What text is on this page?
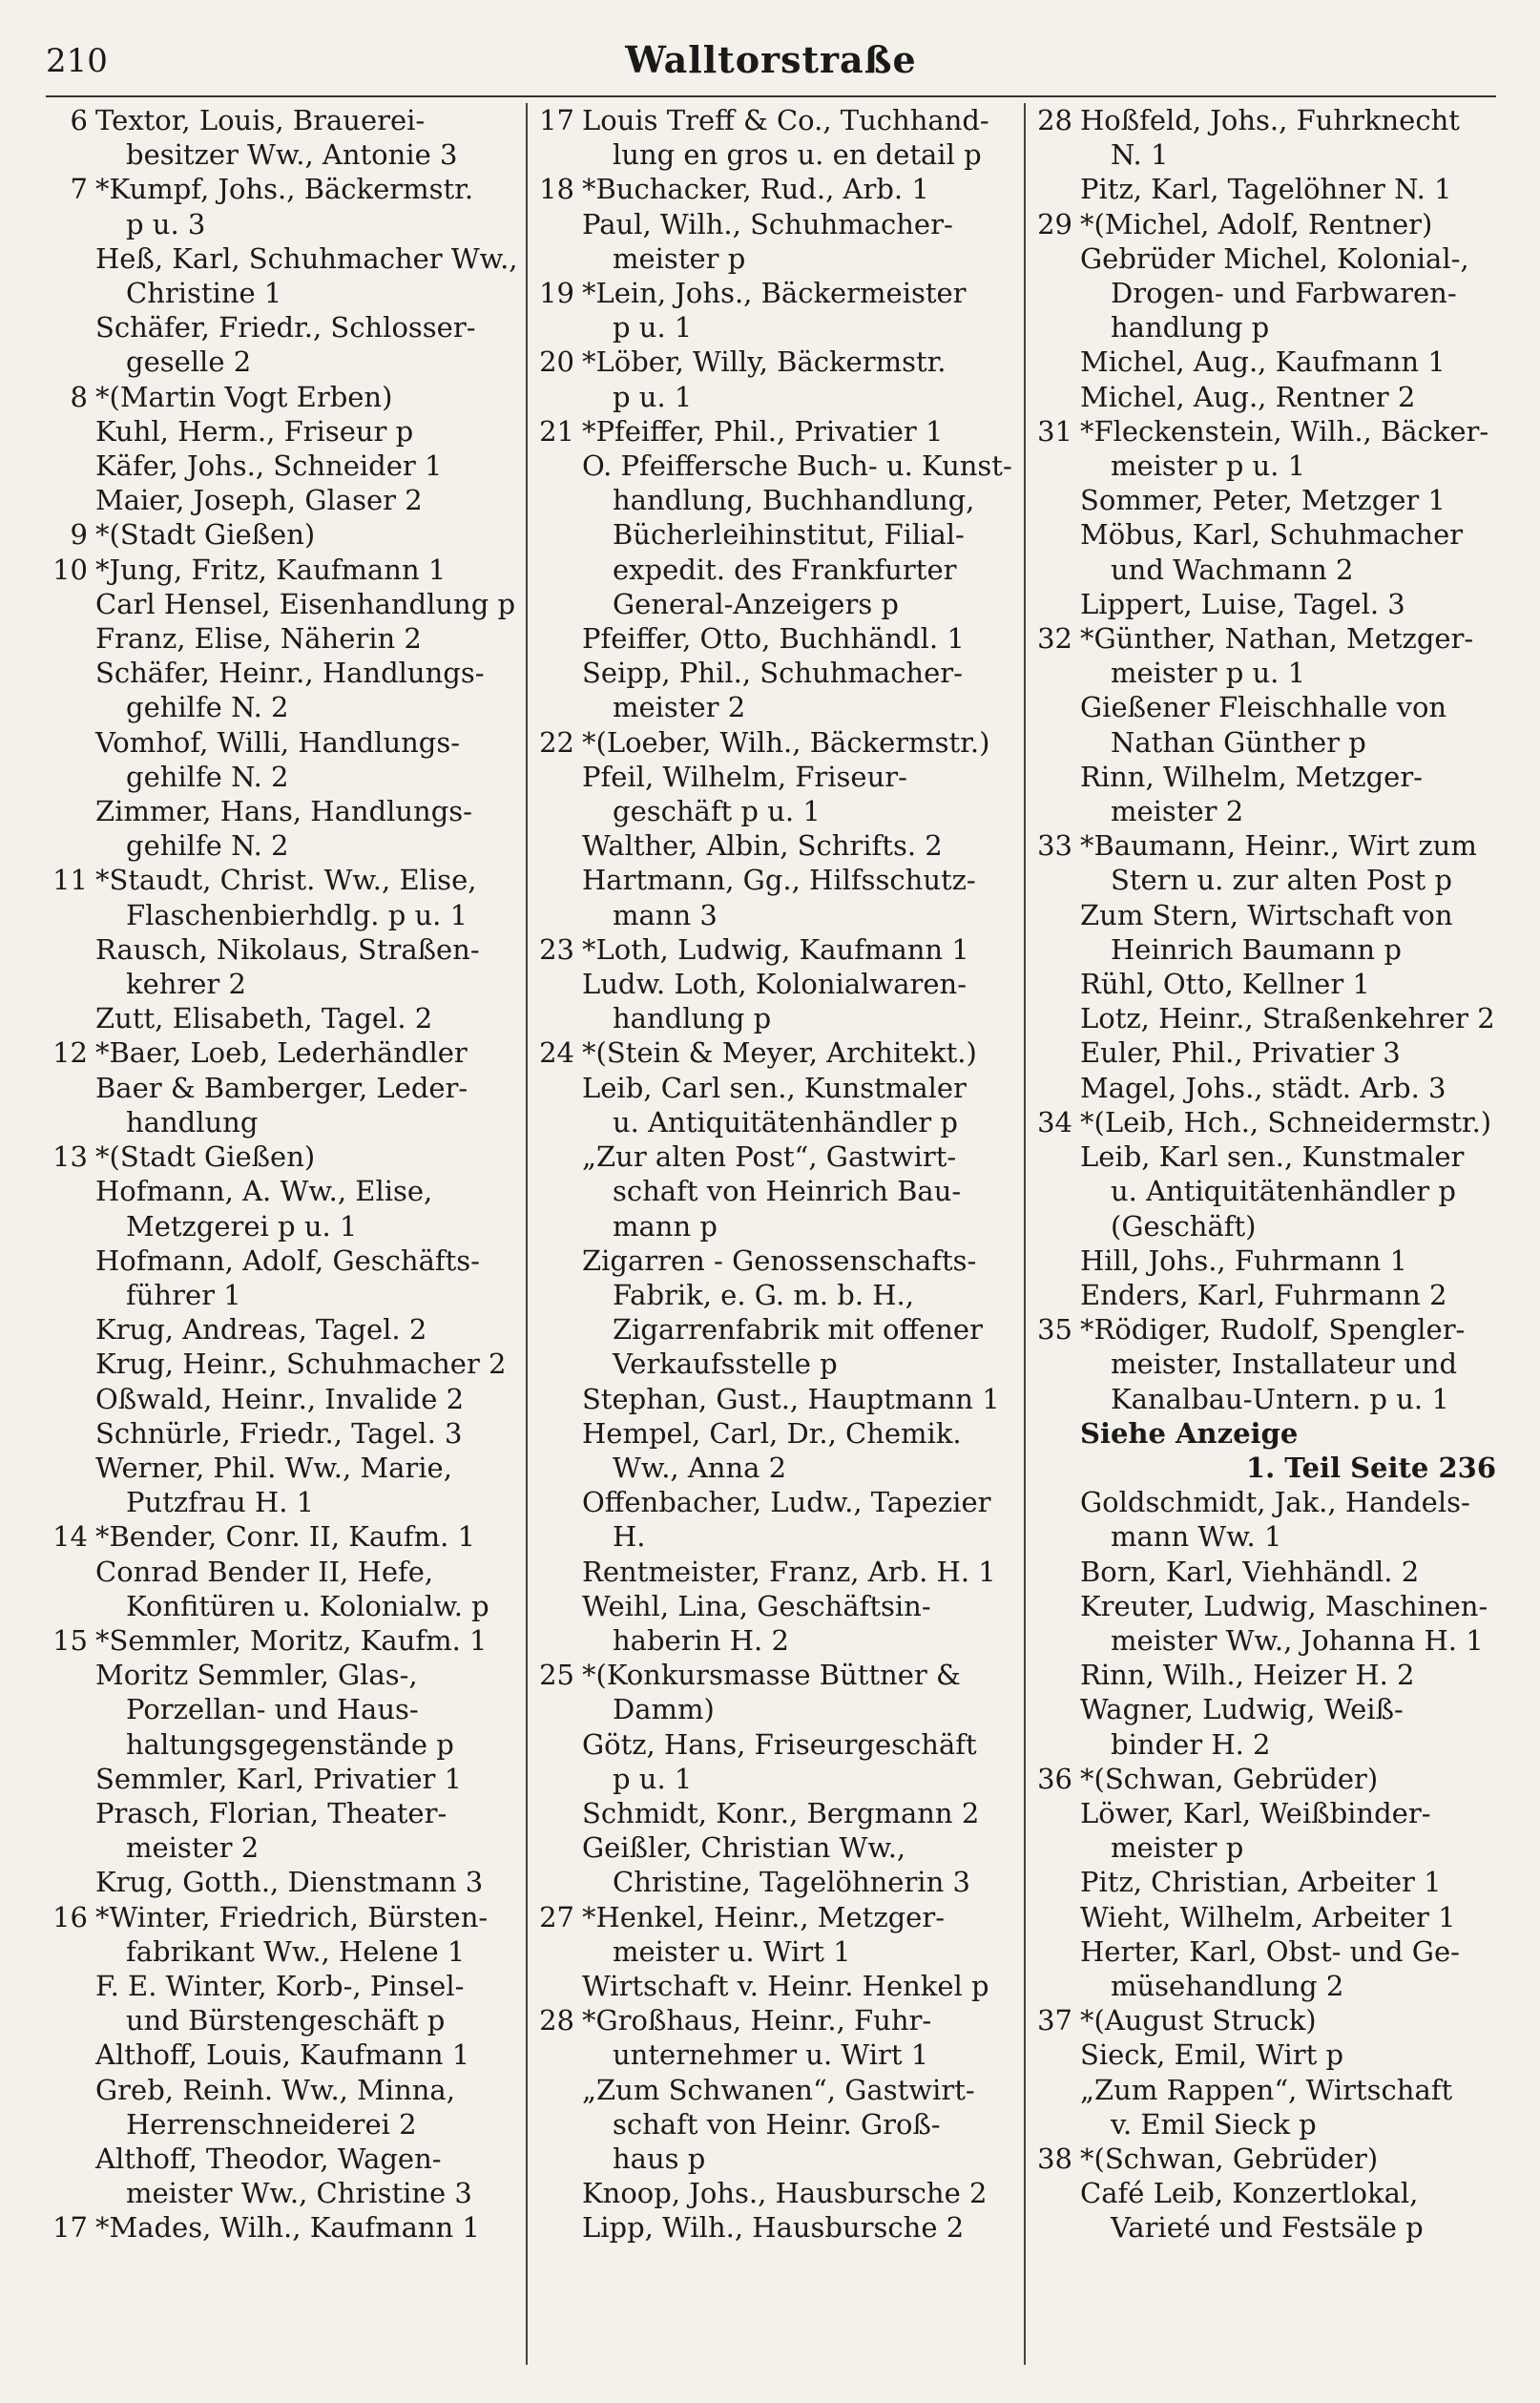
210	Walltorstraße
6 Textor, Louis, Brauerei-
besitzer Ww., Antonie 3
7 *Kumpf, Johs., Bäckermstr.
p u. 3
Heß, Karl, Schuhmacher Ww.,
Christine 1
Schäfer, Friedr., Schlosser-
geselle 2
8 *(Martin Vogt Erben)
Kuhl, Herm., Friseur p
Käfer, Johs., Schneider 1
Maier, Joseph, Glaser 2
9 *(Stadt Gießen)
10 *Jung, Fritz, Kaufmann 1
Carl Hensel, Eisenhandlung p
Franz, Elise, Näherin 2
Schäfer, Heinr., Handlungs-
gehilfe N. 2
Vomhof, Willi, Handlungs-
gehilfe N. 2
Zimmer, Hans, Handlungs-
gehilfe N. 2
11 *Staudt, Christ. Ww., Elise,
Flaschenbierhdlg. p u. 1
Rausch, Nikolaus, Straßen-
kehrer 2
Zutt, Elisabeth, Tagel. 2
12 *Baer, Loeb, Lederhändler
Baer & Bamberger, Leder-
handlung
13 *(Stadt Gießen)
Hofmann, A. Ww., Elise,
Metzgerei p u. 1
Hofmann, Adolf, Geschäfts-
führer 1
Krug, Andreas, Tagel. 2
Krug, Heinr., Schuhmacher 2
Oßwald, Heinr., Invalide 2
Schnürle, Friedr., Tagel. 3
Werner, Phil. Ww., Marie,
Putzfrau H. 1
14 *Bender, Conr. II, Kaufm. 1
Conrad Bender II, Hefe,
Konfitüren u. Kolonialw. p
15 *Semmler, Moritz, Kaufm. 1
Moritz Semmler, Glas-,
Porzellan- und Haus-
haltungsgegenstände p
Semmler, Karl, Privatier 1
Prasch, Florian, Theater-
meister 2
Krug, Gotth., Dienstmann 3
16 *Winter, Friedrich, Bürsten-
fabrikant Ww., Helene 1
F. E. Winter, Korb-, Pinsel-
und Bürstengeschäft p
Althoff, Louis, Kaufmann 1
Greb, Reinh. Ww., Minna,
Herrenschneiderei 2
Althoff, Theodor, Wagen-
meister Ww., Christine 3
17 *Mades, Wilh., Kaufmann 1
17 Louis Treff & Co., Tuchhand-
lung en gros u. en detail p
18 *Buchacker, Rud., Arb. 1
Paul, Wilh., Schuhmacher-
meister p
19 *Lein, Johs., Bäckermeister
p u. 1
20 *Löber, Willy, Bäckermstr.
p u. 1
21 *Pfeiffer, Phil., Privatier 1
O. Pfeiffersche Buch- u. Kunst-
handlung, Buchhandlung,
Bücherleihinstitut, Filial-
expedit. des Frankfurter
General-Anzeigers p
Pfeiffer, Otto, Buchhändl. 1
Seipp, Phil., Schuhmacher-
meister 2
22 *(Loeber, Wilh., Bäckermstr.)
Pfeil, Wilhelm, Friseur-
geschäft p u. 1
Walther, Albin, Schrifts. 2
Hartmann, Gg., Hilfsschutz-
mann 3
23 *Loth, Ludwig, Kaufmann 1
Ludw. Loth, Kolonialwaren-
handlung p
24 *(Stein & Meyer, Architekt.)
Leib, Carl sen., Kunstmaler
u. Antiquitätenhändler p
„Zur alten Post“, Gastwirt-
schaft von Heinrich Bau-
mann p
Zigarren - Genossenschafts-
Fabrik, e. G. m. b. H.,
Zigarrenfabrik mit offener
Verkaufsstelle p
Stephan, Gust., Hauptmann 1
Hempel, Carl, Dr., Chemik.
Ww., Anna 2
Offenbacher, Ludw., Tapezier
H.
Rentmeister, Franz, Arb. H. 1
Weihl, Lina, Geschäftsin-
haberin H. 2
25 *(Konkursmasse Büttner &
Damm)
Götz, Hans, Friseurgeschäft
p u. 1
Schmidt, Konr., Bergmann 2
Geißler, Christian Ww.,
Christine, Tagelöhnerin 3
27 *Henkel, Heinr., Metzger-
meister u. Wirt 1
Wirtschaft v. Heinr. Henkel p
28 *Großhaus, Heinr., Fuhr-
unternehmer u. Wirt 1
„Zum Schwanen“, Gastwirt-
schaft von Heinr. Groß-
haus p
Knoop, Johs., Hausbursche 2
Lipp, Wilh., Hausbursche 2
28 Hoßfeld, Johs., Fuhrknecht
N. 1
Pitz, Karl, Tagelöhner N. 1
29 *(Michel, Adolf, Rentner)
Gebrüder Michel, Kolonial-,
Drogen- und Farbwaren-
handlung p
Michel, Aug., Kaufmann 1
Michel, Aug., Rentner 2
31 *Fleckenstein, Wilh., Bäcker-
meister p u. 1
Sommer, Peter, Metzger 1
Möbus, Karl, Schuhmacher
und Wachmann 2
Lippert, Luise, Tagel. 3
32 *Günther, Nathan, Metzger-
meister p u. 1
Gießener Fleischhalle von
Nathan Günther p
Rinn, Wilhelm, Metzger-
meister 2
33 *Baumann, Heinr., Wirt zum
Stern u. zur alten Post p
Zum Stern, Wirtschaft von
Heinrich Baumann p
Rühl, Otto, Kellner 1
Lotz, Heinr., Straßenkehrer 2
Euler, Phil., Privatier 3
Magel, Johs., städt. Arb. 3
34 *(Leib, Hch., Schneidermstr.)
Leib, Karl sen., Kunstmaler
u. Antiquitätenhändler p
(Geschäft)
Hill, Johs., Fuhrmann 1
Enders, Karl, Fuhrmann 2
35 *Rödiger, Rudolf, Spengler-
meister, Installateur und
Kanalbau-Untern. p u. 1
Siehe Anzeige
1. Teil Seite 236
Goldschmidt, Jak., Handels-
mann Ww. 1
Born, Karl, Viehhändl. 2
Kreuter, Ludwig, Maschinen-
meister Ww., Johanna H. 1
Rinn, Wilh., Heizer H. 2
Wagner, Ludwig, Weiß-
binder H. 2
36 *(Schwan, Gebrüder)
Löwer, Karl, Weißbinder-
meister p
Pitz, Christian, Arbeiter 1
Wieht, Wilhelm, Arbeiter 1
Herter, Karl, Obst- und Ge-
müsehandlung 2
37 *(August Struck)
Sieck, Emil, Wirt p
„Zum Rappen“, Wirtschaft
v. Emil Sieck p
38 *(Schwan, Gebrüder)
Café Leib, Konzertlokal,
Varieté und Festsäle p
